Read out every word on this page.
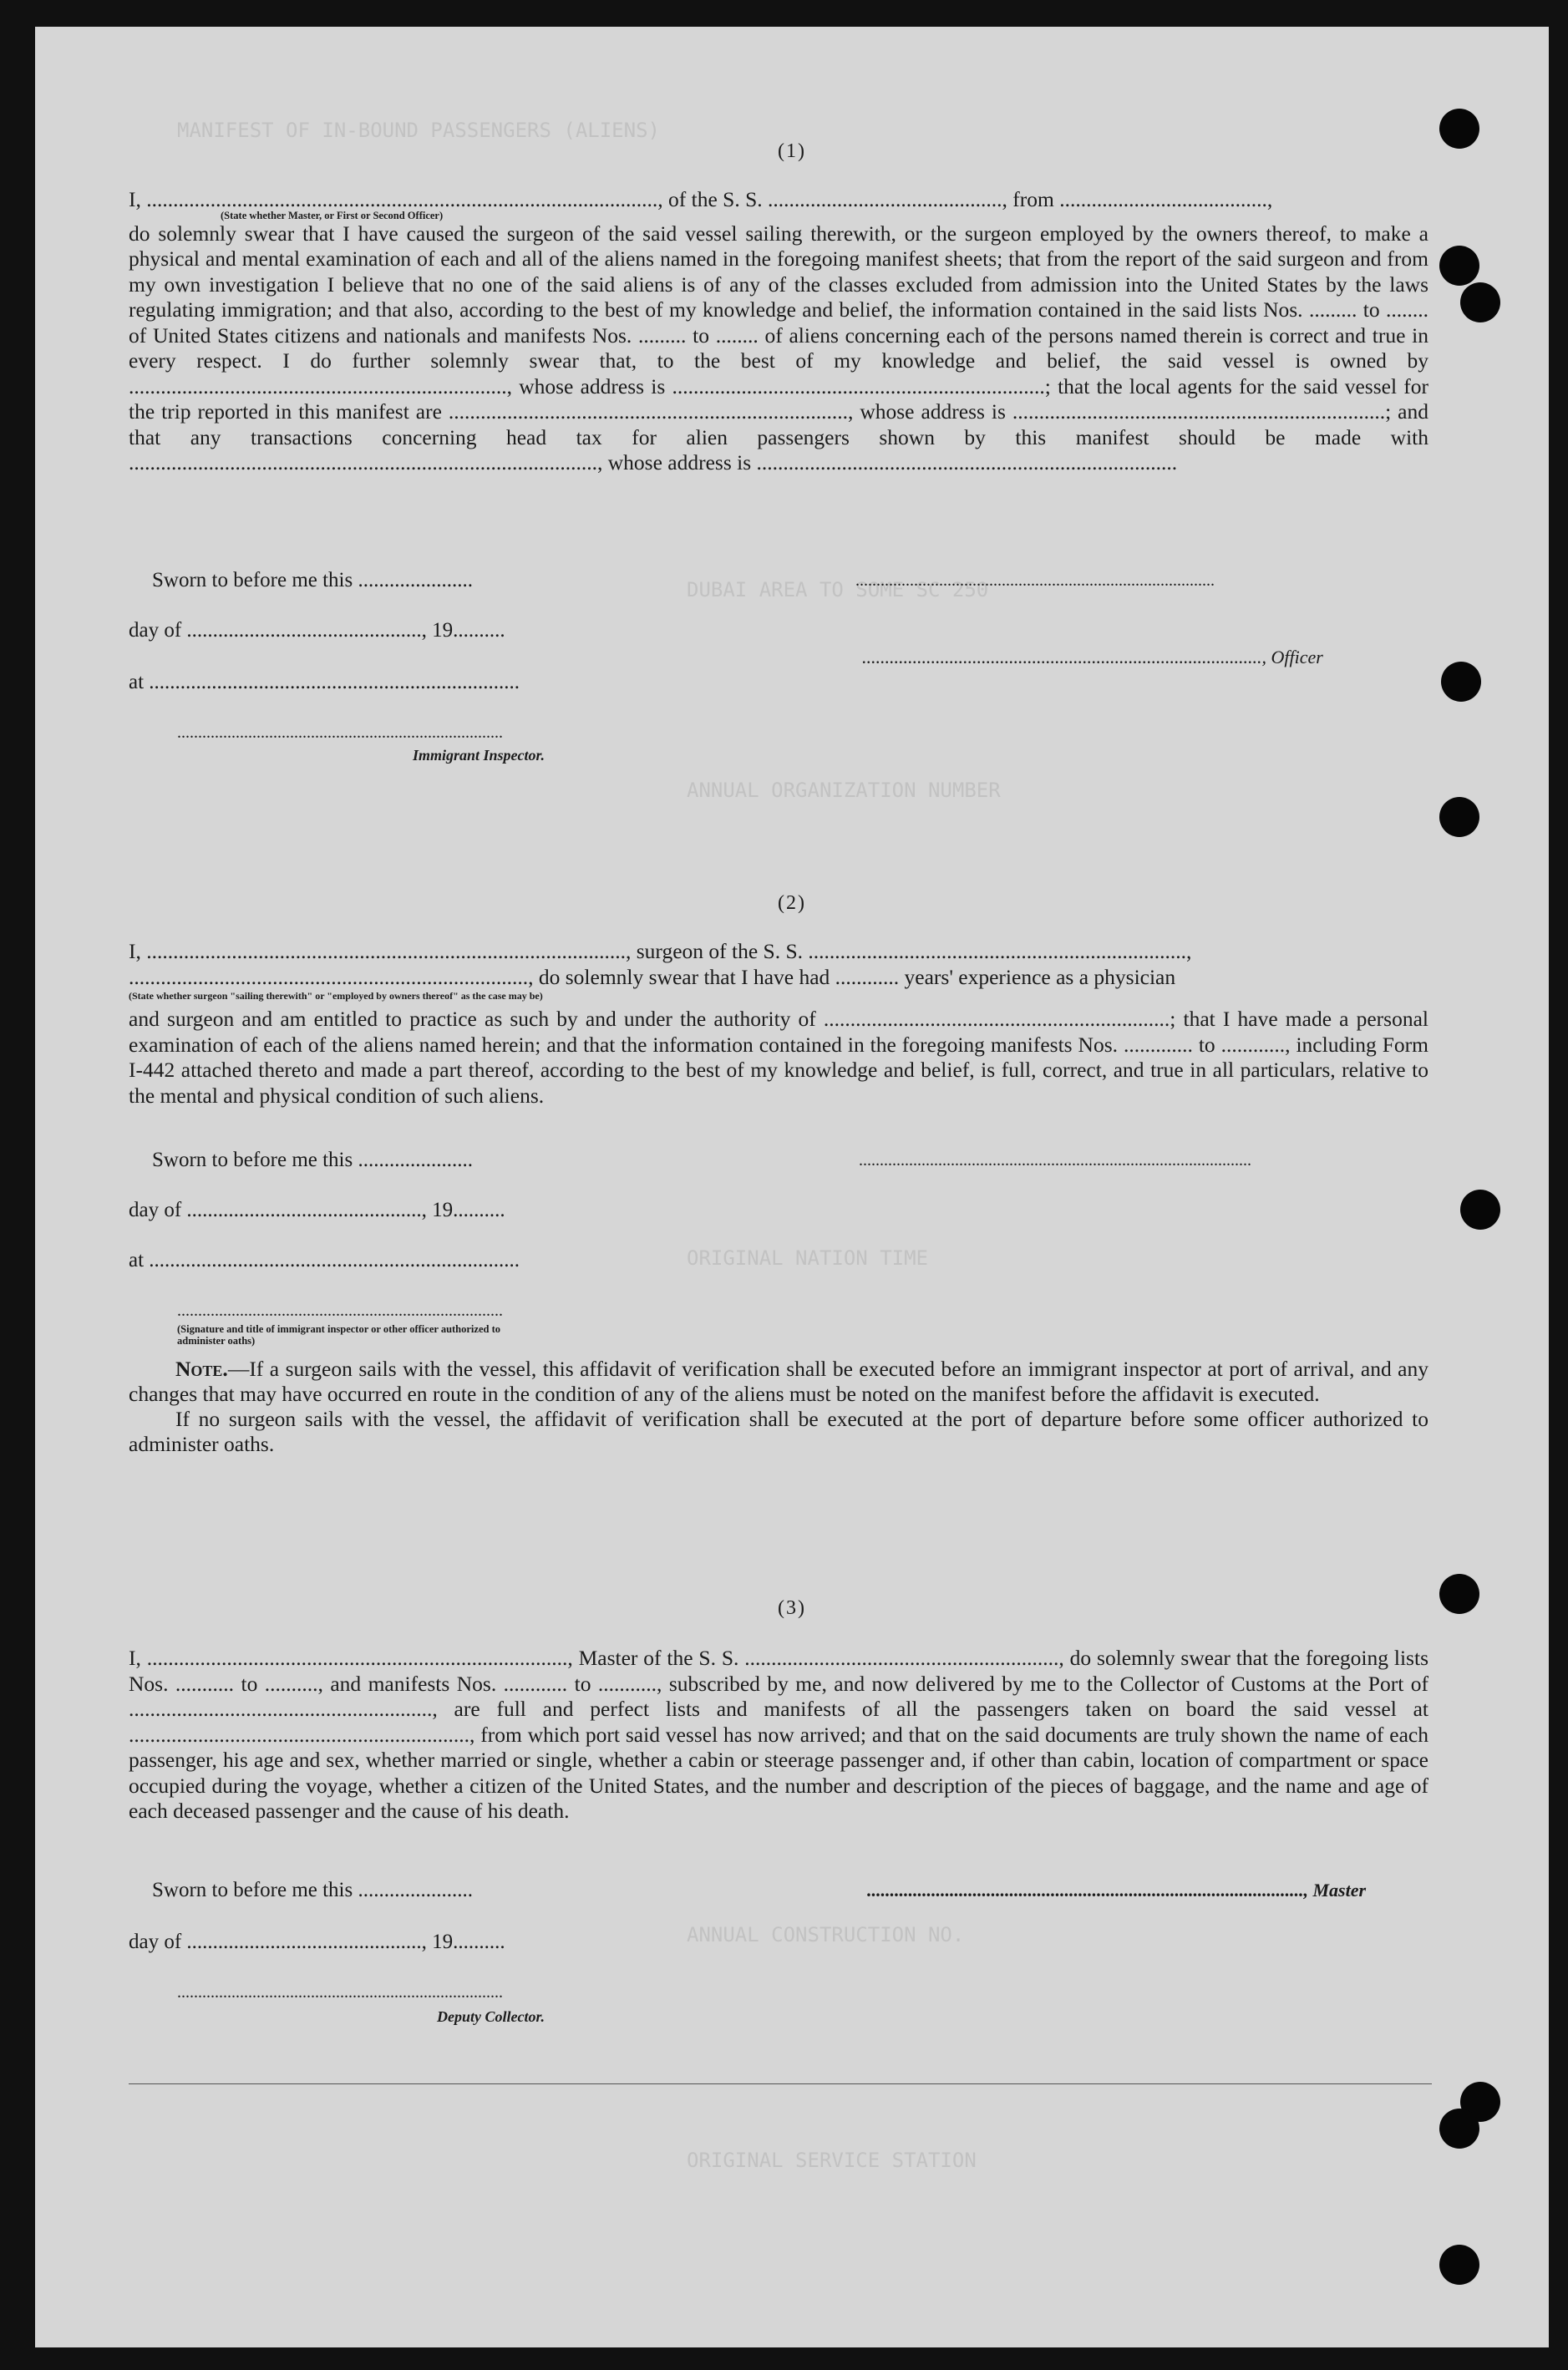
MANIFEST OF IN-BOUND PASSENGERS (ALIENS)
DUBAI AREA TO SOME SC 250
ANNUAL ORGANIZATION NUMBER
ORIGINAL NATION TIME
ANNUAL CONSTRUCTION NO.
ORIGINAL SERVICE STATION
(1)

I, ................................................................................................, of the S. S. ............................................, from .......................................,

(State whether Master, or First or Second Officer)

do solemnly swear that I have caused the surgeon of the said vessel sailing therewith, or the surgeon employed by the owners thereof, to make a physical and mental examination of each and all of the aliens named in the foregoing manifest sheets; that from the report of the said surgeon and from my own investigation I believe that no one of the said aliens is of any of the classes excluded from admission into the United States by the laws regulating immigration; and that also, according to the best of my knowledge and belief, the information contained in the said lists Nos. ......... to ........ of United States citizens and nationals and manifests Nos. ......... to ........ of aliens concerning each of the persons named therein is correct and true in every respect. I do further solemnly swear that, to the best of my knowledge and belief, the said vessel is owned by ......................................................................., whose address is ......................................................................; that the local agents for the said vessel for the trip reported in this manifest are ..........................................................................., whose address is ......................................................................; and that any transactions concerning head tax for alien passengers shown by this manifest should be made with ........................................................................................, whose address is ...............................................................................

Sworn to before me this ......................
day of ............................................., 19..........
at .......................................................................
..............................................................................
Immigrant Inspector.
......................................................................................
......................................................................................., Officer
(2)

I, .........................................................................................., surgeon of the S. S. .......................................................................,

..........................................................................., do solemnly swear that I have had ............ years' experience as a physician

(State whether surgeon "sailing therewith" or "employed by owners thereof" as the case may be)

and surgeon and am entitled to practice as such by and under the authority of .................................................................; that I have made a personal examination of each of the aliens named herein; and that the information contained in the foregoing manifests Nos. ............. to ............, including Form I-442 attached thereto and made a part thereof, according to the best of my knowledge and belief, is full, correct, and true in all particulars, relative to the mental and physical condition of such aliens.

Sworn to before me this ......................	..............................................................................................
day of ............................................., 19..........
at .......................................................................
..............................................................................
(Signature and title of immigrant inspector or other officer authorized to administer oaths)

Note.—If a surgeon sails with the vessel, this affidavit of verification shall be executed before an immigrant inspector at port of arrival, and any changes that may have occurred en route in the condition of any of the aliens must be noted on the manifest before the affidavit is executed.

If no surgeon sails with the vessel, the affidavit of verification shall be executed at the port of departure before some officer authorized to administer oaths.

(3)

I, ..............................................................................., Master of the S. S. ..........................................................., do solemnly swear that the foregoing lists Nos. ........... to .........., and manifests Nos. ............ to ..........., subscribed by me, and now delivered by me to the Collector of Customs at the Port of ........................................................., are full and perfect lists and manifests of all the passengers taken on board the said vessel at ................................................................, from which port said vessel has now arrived; and that on the said documents are truly shown the name of each passenger, his age and sex, whether married or single, whether a cabin or steerage passenger and, if other than cabin, location of compartment or space occupied during the voyage, whether a citizen of the United States, and the number and description of the pieces of baggage, and the name and age of each deceased passenger and the cause of his death.

Sworn to before me this ......................	..............................................................................................., Master
day of ............................................., 19..........
..............................................................................
Deputy Collector.
